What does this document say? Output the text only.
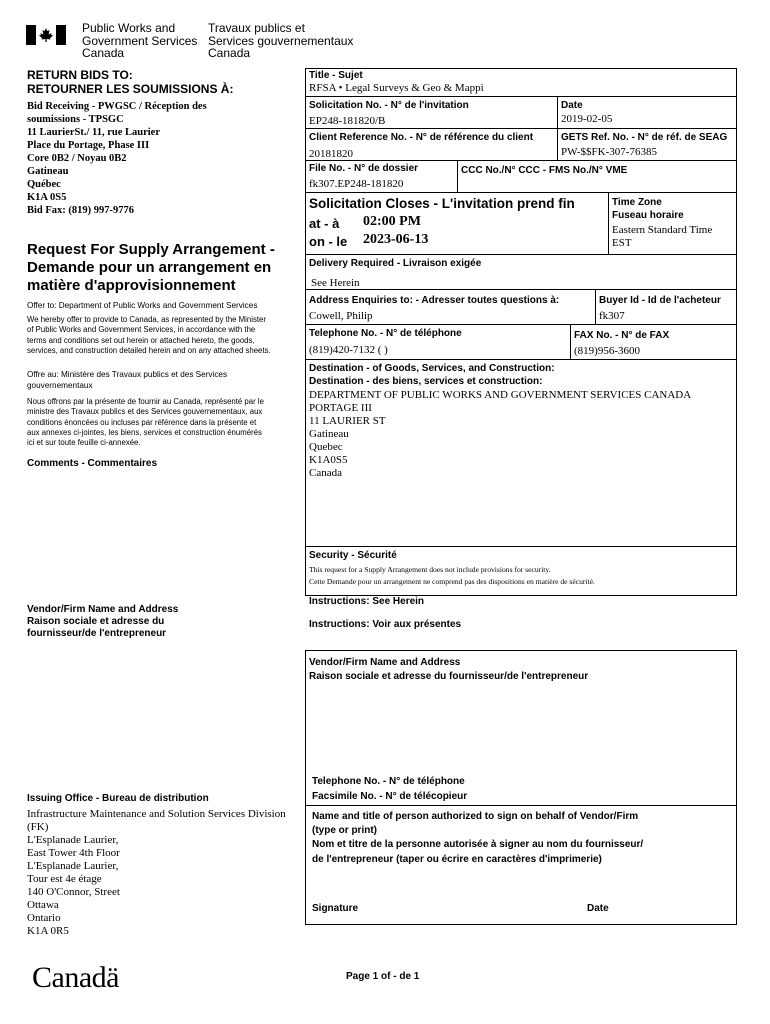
Public Works and
Government Services
Canada
Travaux publics et
Services gouvernementaux
Canada
RETURN BIDS TO:
RETOURNER LES SOUMISSIONS À:
Bid Receiving - PWGSC / Réception des
soumissions - TPSGC
11 LaurierSt./ 11, rue Laurier
Place du Portage, Phase III
Core 0B2 / Noyau 0B2
Gatineau
Québec
K1A 0S5
Bid Fax: (819) 997-9776
Request For Supply Arrangement -
Demande pour un arrangement en
matière d'approvisionnement
Offer to: Department of Public Works and Government Services
We hereby offer to provide to Canada, as represented by the Minister
of Public Works and Government Services, in accordance with the
terms and conditions set out herein or attached hereto, the goods,
services, and construction detailed herein and on any attached sheets.
Offre au: Ministère des Travaux publics et des Services
gouvernementaux
Nous offrons par la présente de fournir au Canada, représenté par le
ministre des Travaux publics et des Services gouvernementaux, aux
conditions énoncées ou incluses par référence dans la présente et
aux annexes ci-jointes, les biens, services et construction énumérés
ici et sur toute feuille ci-annexée.
Comments - Commentaires
Vendor/Firm Name and Address
Raison sociale et adresse du
fournisseur/de l'entrepreneur
Issuing Office - Bureau de distribution
Infrastructure Maintenance and Solution Services Division
(FK)
L'Esplanade Laurier,
East Tower 4th Floor
L'Esplanade Laurier,
Tour est 4e étage
140 O'Connor, Street
Ottawa
Ontario
K1A 0R5
Title - Sujet
RFSA • Legal Surveys & Geo & Mappi
Solicitation No. - N° de l'invitation
EP248-181820/B
Date
2019-02-05
Client Reference No. - N° de référence du client
20181820
GETS Ref. No. - N° de réf. de SEAG
PW-$$FK-307-76385
File No. - N° de dossier
fk307.EP248-181820
CCC No./N° CCC - FMS No./N° VME
Solicitation Closes - L'invitation prend fin
at - à 02:00 PM
on - le 2023-06-13
Time Zone
Fuseau horaire
Eastern Standard Time
EST
Delivery Required - Livraison exigée
See Herein
Address Enquiries to: - Adresser toutes questions à:
Cowell, Philip
Buyer Id - Id de l'acheteur
fk307
Telephone No. - N° de téléphone
(819)420-7132 ( )
FAX No. - N° de FAX
(819)956-3600
Destination - of Goods, Services, and Construction:
Destination - des biens, services et construction:
DEPARTMENT OF PUBLIC WORKS AND GOVERNMENT SERVICES CANADA
PORTAGE III
11 LAURIER ST
Gatineau
Quebec
K1A0S5
Canada
Security - Sécurité
This request for a Supply Arrangement does not include provisions for security.
Cette Demande pour un arrangement ne comprend pas des dispositions en matière de sécurité.
Instructions: See Herein
Instructions: Voir aux présentes
Vendor/Firm Name and Address
Raison sociale et adresse du fournisseur/de l'entrepreneur
Telephone No. - N° de téléphone
Facsimile No. - N° de télécopieur
Name and title of person authorized to sign on behalf of Vendor/Firm
(type or print)
Nom et titre de la personne autorisée à signer au nom du fournisseur/
de l'entrepreneur (taper ou écrire en caractères d'imprimerie)
Signature	Date
Canadä	Page 1 of - de 1
